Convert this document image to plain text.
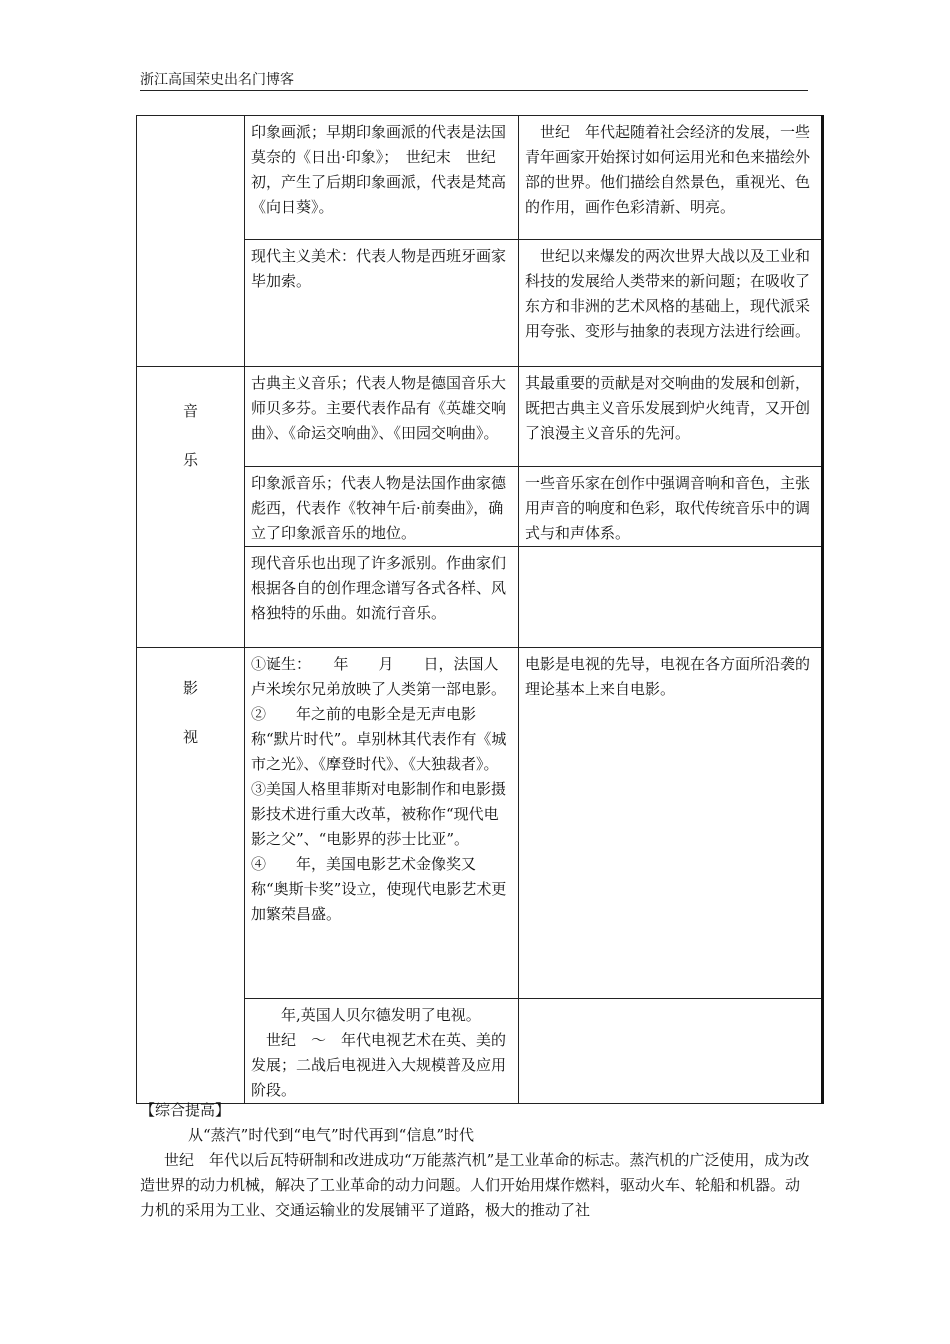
浙江高国荣史出名门博客
	印象画派；早期印象画派的代表是法国莫奈的《日出·印象》；　世纪末　世纪初，产生了后期印象画派，代表是梵高《向日葵》。	　世纪　年代起随着社会经济的发展，一些青年画家开始探讨如何运用光和色来描绘外部的世界。他们描绘自然景色，重视光、色的作用，画作色彩清新、明亮。
	现代主义美术：代表人物是西班牙画家毕加索。	　世纪以来爆发的两次世界大战以及工业和科技的发展给人类带来的新问题；在吸收了东方和非洲的艺术风格的基础上，现代派采用夸张、变形与抽象的表现方法进行绘画。

音乐	古典主义音乐；代表人物是德国音乐大师贝多芬。主要代表作品有《英雄交响曲》、《命运交响曲》、《田园交响曲》。	其最重要的贡献是对交响曲的发展和创新，既把古典主义音乐发展到炉火纯青，又开创了浪漫主义音乐的先河。
	印象派音乐；代表人物是法国作曲家德彪西，代表作《牧神午后·前奏曲》，确立了印象派音乐的地位。	一些音乐家在创作中强调音响和音色，主张用声音的响度和色彩，取代传统音乐中的调式与和声体系。
	现代音乐也出现了许多派别。作曲家们根据各自的创作理念谱写各式各样、风格独特的乐曲。如流行音乐。	

影视	①诞生：　　年　　月　　日，法国人卢米埃尔兄弟放映了人类第一部电影。
②　　年之前的电影全是无声电影称“默片时代”。卓别林其代表作有《城市之光》、《摩登时代》、《大独裁者》。
③美国人格里菲斯对电影制作和电影摄影技术进行重大改革，被称作“现代电影之父”、“电影界的莎士比亚”。
④　　年，美国电影艺术金像奖又称“奥斯卡奖”设立，使现代电影艺术更加繁荣昌盛。	电影是电视的先导，电视在各方面所沿袭的理论基本上来自电影。
	　　年,英国人贝尔德发明了电视。
　世纪　～　年代电视艺术在英、美的发展；二战后电视进入大规模普及应用阶段。	

【综合提高】

从“蒸汽”时代到“电气”时代再到“信息”时代

世纪　年代以后瓦特研制和改进成功“万能蒸汽机”是工业革命的标志。蒸汽机的广泛使用，成为改造世界的动力机械，解决了工业革命的动力问题。人们开始用煤作燃料，驱动火车、轮船和机器。动力机的采用为工业、交通运输业的发展铺平了道路，极大的推动了社
